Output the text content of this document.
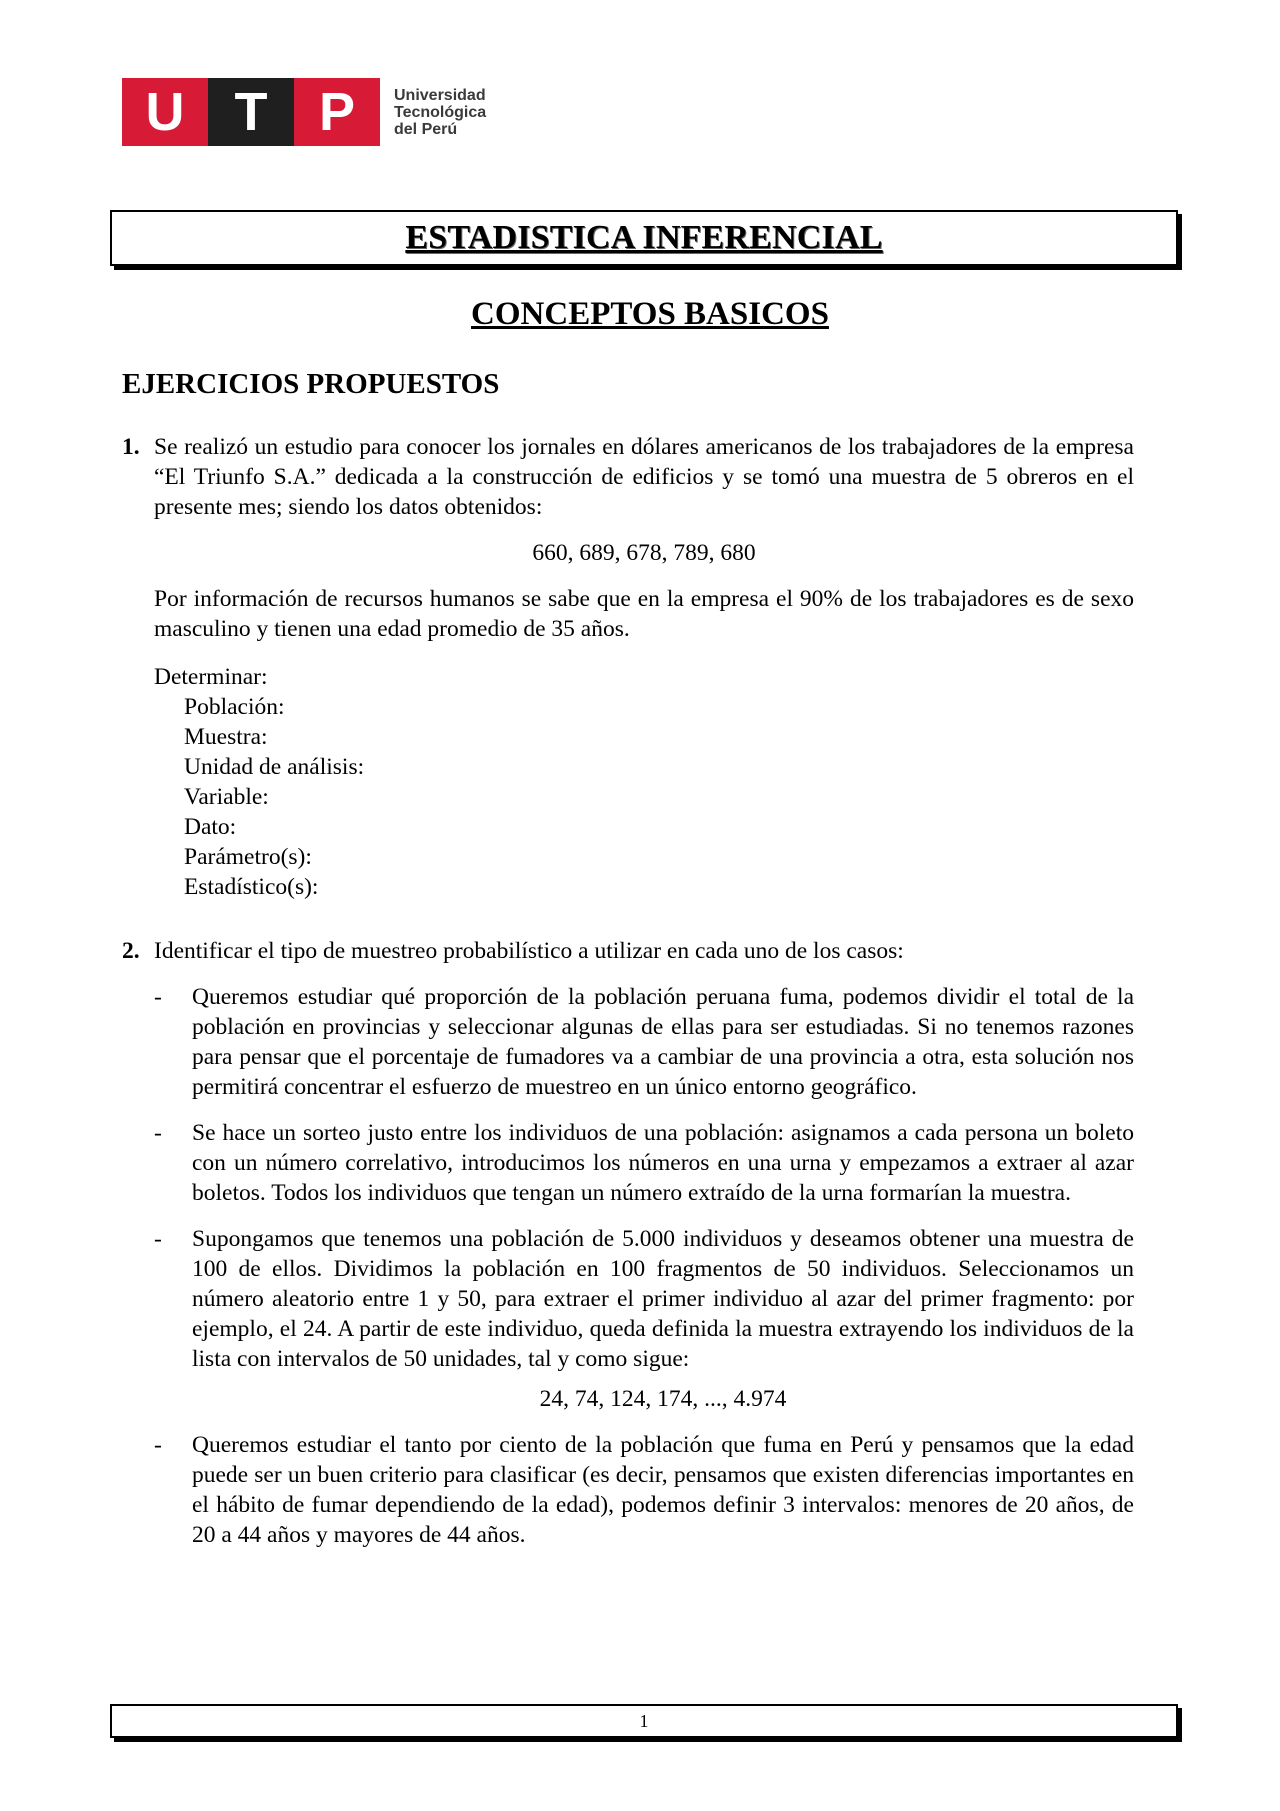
U T P	Universidad
Tecnológica
del Perú
ESTADISTICA INFERENCIAL
CONCEPTOS BASICOS
EJERCICIOS PROPUESTOS
1. Se realizó un estudio para conocer los jornales en dólares americanos de los trabajadores de la empresa “El Triunfo S.A.” dedicada a la construcción de edificios y se tomó una muestra de 5 obreros en el presente mes; siendo los datos obtenidos:

660, 689, 678, 789, 680

Por información de recursos humanos se sabe que en la empresa el 90% de los trabajadores es de sexo masculino y tienen una edad promedio de 35 años.

Determinar:

Población:

Muestra:

Unidad de análisis:

Variable:

Dato:

Parámetro(s):

Estadístico(s):

2. Identificar el tipo de muestreo probabilístico a utilizar en cada uno de los casos:

-	Queremos estudiar qué proporción de la población peruana fuma, podemos dividir el total de la población en provincias y seleccionar algunas de ellas para ser estudiadas. Si no tenemos razones para pensar que el porcentaje de fumadores va a cambiar de una provincia a otra, esta solución nos permitirá concentrar el esfuerzo de muestreo en un único entorno geográfico.
-	Se hace un sorteo justo entre los individuos de una población: asignamos a cada persona un boleto con un número correlativo, introducimos los números en una urna y empezamos a extraer al azar boletos. Todos los individuos que tengan un número extraído de la urna formarían la muestra.
-	Supongamos que tenemos una población de 5.000 individuos y deseamos obtener una muestra de 100 de ellos. Dividimos la población en 100 fragmentos de 50 individuos. Seleccionamos un número aleatorio entre 1 y 50, para extraer el primer individuo al azar del primer fragmento: por ejemplo, el 24. A partir de este individuo, queda definida la muestra extrayendo los individuos de la lista con intervalos de 50 unidades, tal y como sigue:

24, 74, 124, 174, ..., 4.974

-	Queremos estudiar el tanto por ciento de la población que fuma en Perú y pensamos que la edad puede ser un buen criterio para clasificar (es decir, pensamos que existen diferencias importantes en el hábito de fumar dependiendo de la edad), podemos definir 3 intervalos: menores de 20 años, de 20 a 44 años y mayores de 44 años.
1
